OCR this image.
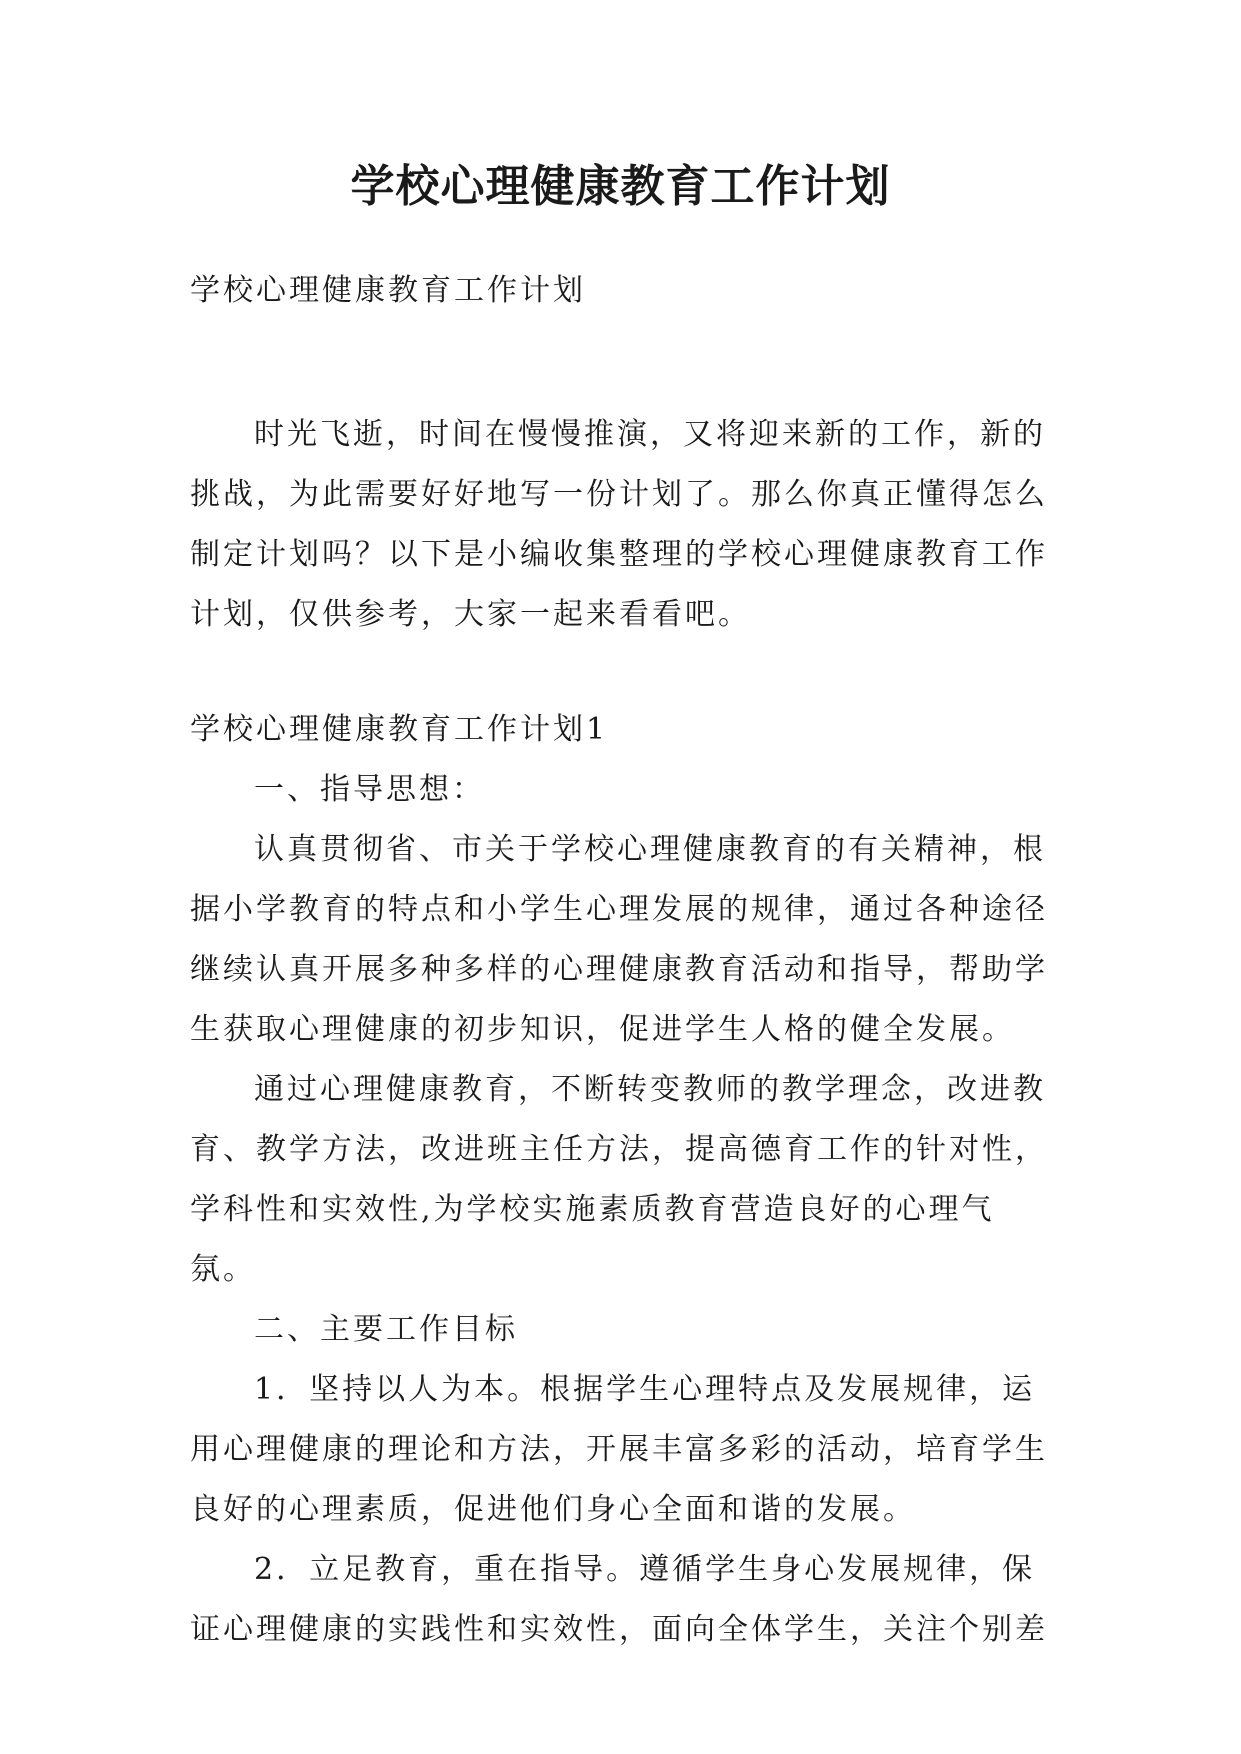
学校心理健康教育工作计划
学校心理健康教育工作计划

时光飞逝，时间在慢慢推演，又将迎来新的工作，新的挑战，为此需要好好地写一份计划了。那么你真正懂得怎么制定计划吗？以下是小编收集整理的学校心理健康教育工作计划，仅供参考，大家一起来看看吧。

学校心理健康教育工作计划1

一、指导思想：

认真贯彻省、市关于学校心理健康教育的有关精神，根据小学教育的特点和小学生心理发展的规律，通过各种途径继续认真开展多种多样的心理健康教育活动和指导，帮助学生获取心理健康的初步知识，促进学生人格的健全发展。

通过心理健康教育，不断转变教师的教学理念，改进教育、教学方法，改进班主任方法，提高德育工作的针对性，学科性和实效性,为学校实施素质教育营造良好的心理气氛。

二、主要工作目标

1．坚持以人为本。根据学生心理特点及发展规律，运用心理健康的理论和方法，开展丰富多彩的活动，培育学生良好的心理素质，促进他们身心全面和谐的发展。

2．立足教育，重在指导。遵循学生身心发展规律，保证心理健康的实践性和实效性，面向全体学生，关注个别差
